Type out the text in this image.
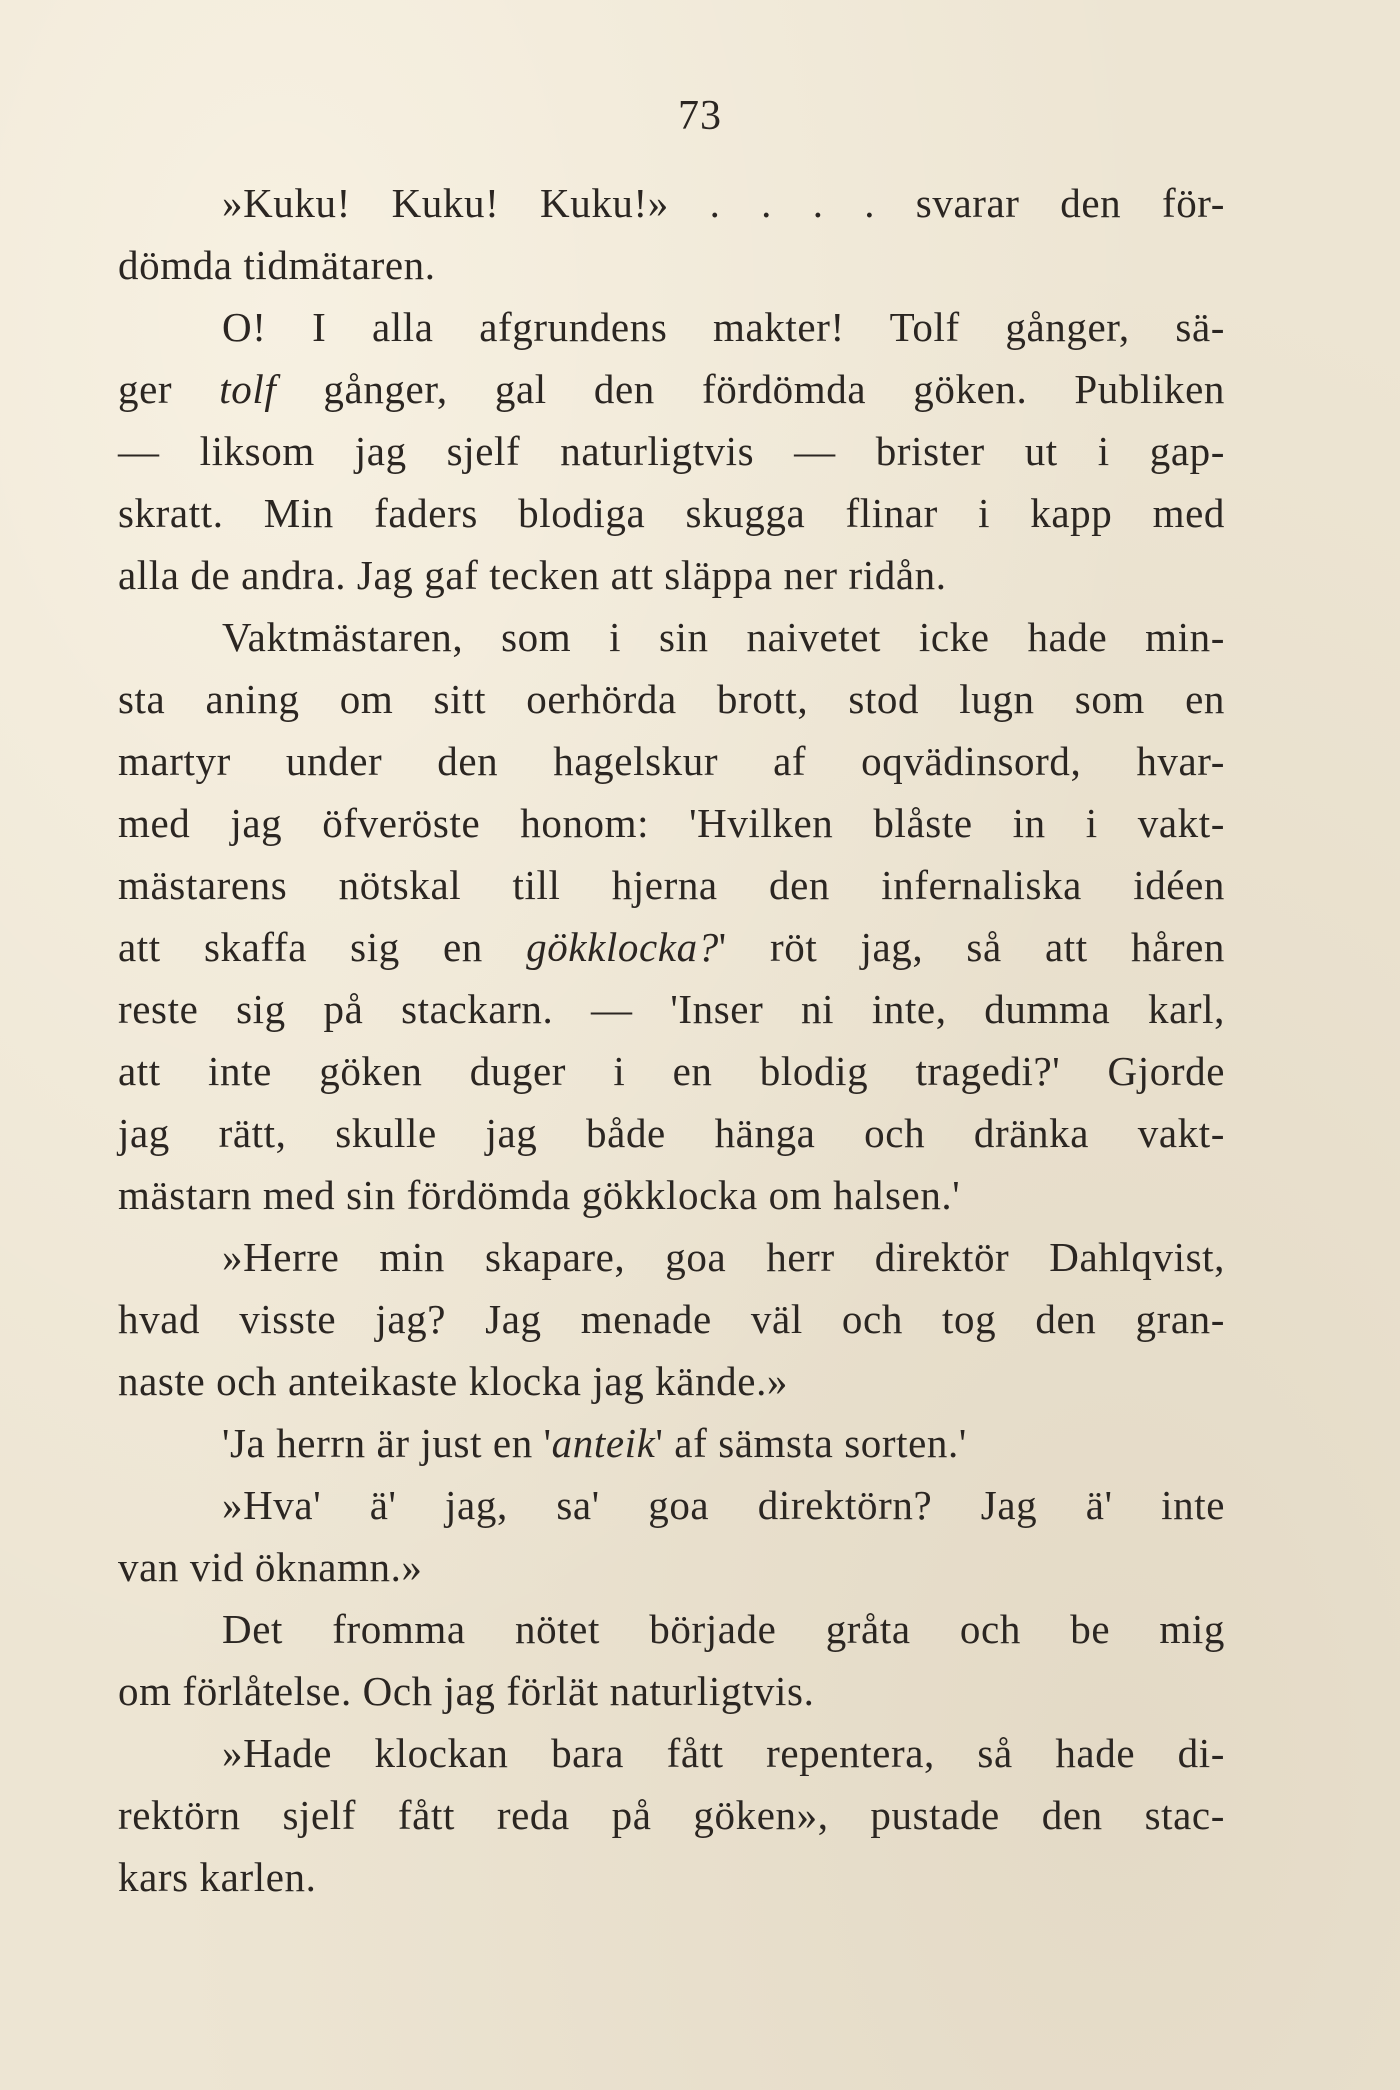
73
»Kuku! Kuku! Kuku!» . . . . svarar den för-
dömda tidmätaren.
O! I alla afgrundens makter! Tolf gånger, sä-
ger tolf gånger, gal den fördömda göken. Publiken
— liksom jag sjelf naturligtvis — brister ut i gap-
skratt. Min faders blodiga skugga flinar i kapp med
alla de andra. Jag gaf tecken att släppa ner ridån.
Vaktmästaren, som i sin naivetet icke hade min-
sta aning om sitt oerhörda brott, stod lugn som en
martyr under den hagelskur af oqvädinsord, hvar-
med jag öfveröste honom: 'Hvilken blåste in i vakt-
mästarens nötskal till hjerna den infernaliska idéen
att skaffa sig en gökklocka?' röt jag, så att håren
reste sig på stackarn. — 'Inser ni inte, dumma karl,
att inte göken duger i en blodig tragedi?' Gjorde
jag rätt, skulle jag både hänga och dränka vakt-
mästarn med sin fördömda gökklocka om halsen.'
»Herre min skapare, goa herr direktör Dahlqvist,
hvad visste jag? Jag menade väl och tog den gran-
naste och anteikaste klocka jag kände.»
'Ja herrn är just en 'anteik' af sämsta sorten.'
»Hva' ä' jag, sa' goa direktörn? Jag ä' inte
van vid öknamn.»
Det fromma nötet började gråta och be mig
om förlåtelse. Och jag förlät naturligtvis.
»Hade klockan bara fått repentera, så hade di-
rektörn sjelf fått reda på göken», pustade den stac-
kars karlen.
